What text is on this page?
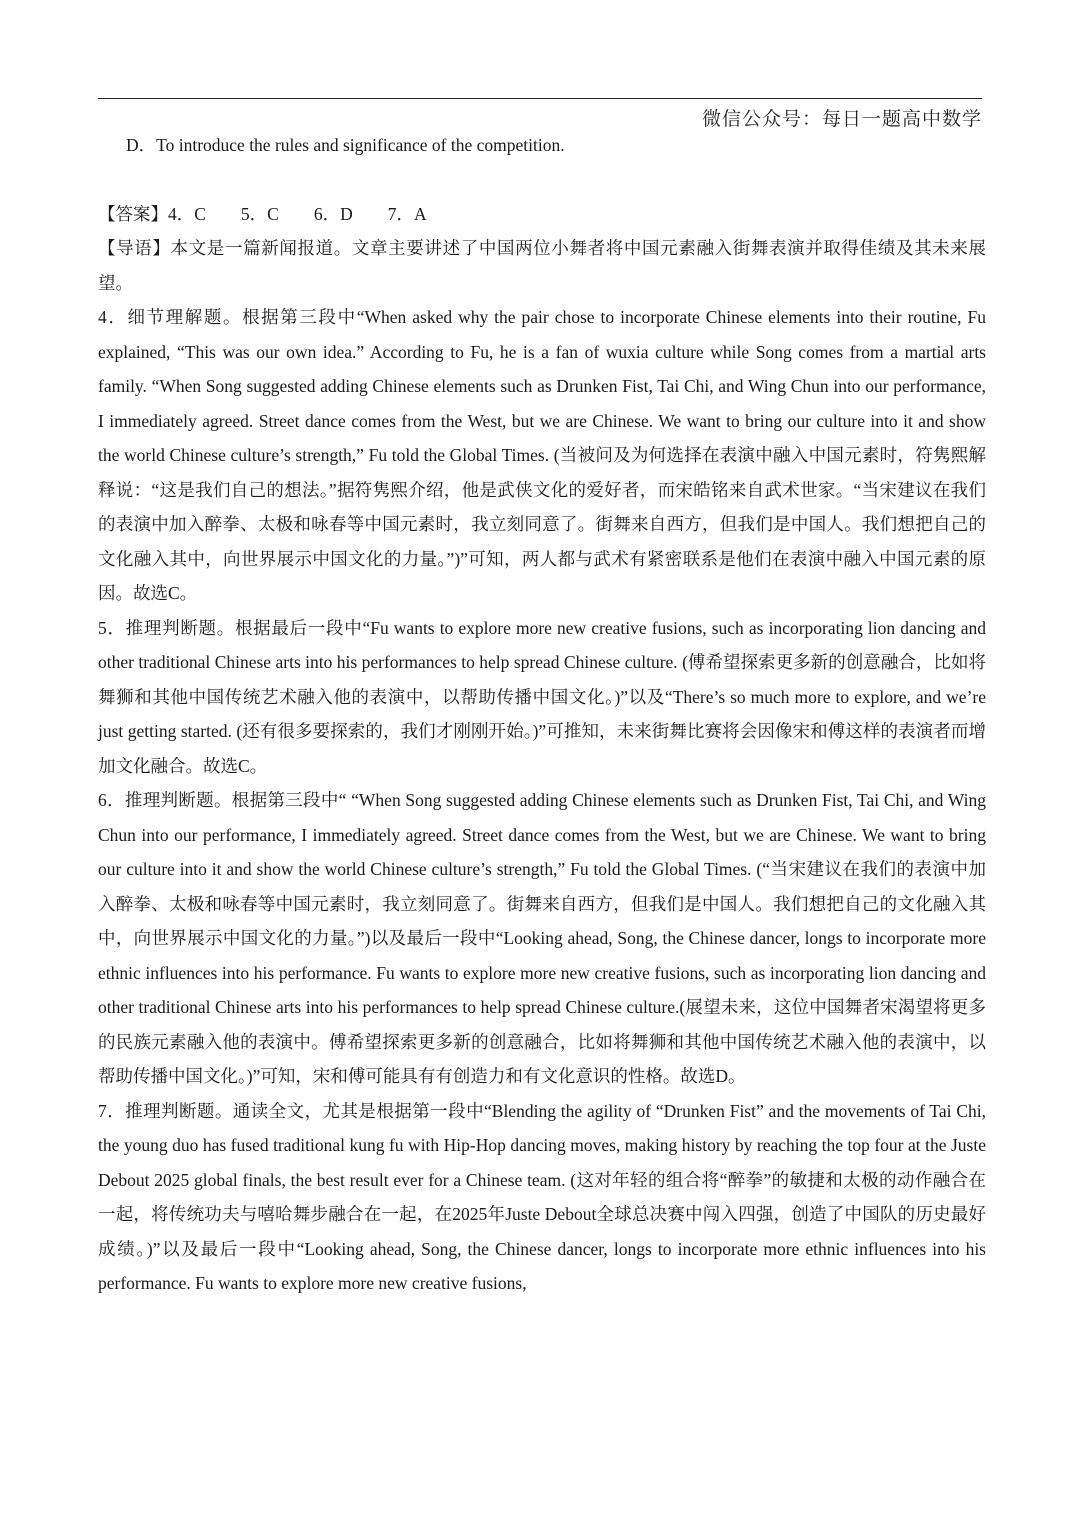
微信公众号：每日一题高中数学
D．To introduce the rules and significance of the competition.

【答案】4．C　　5．C　　6．D　　7．A

【导语】本文是一篇新闻报道。文章主要讲述了中国两位小舞者将中国元素融入街舞表演并取得佳绩及其未来展望。

4．细节理解题。根据第三段中“When asked why the pair chose to incorporate Chinese elements into their routine, Fu explained, “This was our own idea.” According to Fu, he is a fan of wuxia culture while Song comes from a martial arts family. “When Song suggested adding Chinese elements such as Drunken Fist, Tai Chi, and Wing Chun into our performance, I immediately agreed. Street dance comes from the West, but we are Chinese. We want to bring our culture into it and show the world Chinese culture’s strength,” Fu told the Global Times. (当被问及为何选择在表演中融入中国元素时，符隽熙解释说：“这是我们自己的想法。”据符隽熙介绍，他是武侠文化的爱好者，而宋皓铭来自武术世家。“当宋建议在我们的表演中加入醉拳、太极和咏春等中国元素时，我立刻同意了。街舞来自西方，但我们是中国人。我们想把自己的文化融入其中，向世界展示中国文化的力量。”)”可知，两人都与武术有紧密联系是他们在表演中融入中国元素的原因。故选C。

5．推理判断题。根据最后一段中“Fu wants to explore more new creative fusions, such as incorporating lion dancing and other traditional Chinese arts into his performances to help spread Chinese culture. (傅希望探索更多新的创意融合，比如将舞狮和其他中国传统艺术融入他的表演中，以帮助传播中国文化。)”以及“There’s so much more to explore, and we’re just getting started. (还有很多要探索的，我们才刚刚开始。)”可推知，未来街舞比赛将会因像宋和傅这样的表演者而增加文化融合。故选C。

6．推理判断题。根据第三段中“ “When Song suggested adding Chinese elements such as Drunken Fist, Tai Chi, and Wing Chun into our performance, I immediately agreed. Street dance comes from the West, but we are Chinese. We want to bring our culture into it and show the world Chinese culture’s strength,” Fu told the Global Times. (“当宋建议在我们的表演中加入醉拳、太极和咏春等中国元素时，我立刻同意了。街舞来自西方，但我们是中国人。我们想把自己的文化融入其中，向世界展示中国文化的力量。”)以及最后一段中“Looking ahead, Song, the Chinese dancer, longs to incorporate more ethnic influences into his performance. Fu wants to explore more new creative fusions, such as incorporating lion dancing and other traditional Chinese arts into his performances to help spread Chinese culture.(展望未来，这位中国舞者宋渴望将更多的民族元素融入他的表演中。傅希望探索更多新的创意融合，比如将舞狮和其他中国传统艺术融入他的表演中，以帮助传播中国文化。)”可知，宋和傅可能具有有创造力和有文化意识的性格。故选D。

7．推理判断题。通读全文，尤其是根据第一段中“Blending the agility of “Drunken Fist” and the movements of Tai Chi, the young duo has fused traditional kung fu with Hip-Hop dancing moves, making history by reaching the top four at the Juste Debout 2025 global finals, the best result ever for a Chinese team. (这对年轻的组合将“醉拳”的敏捷和太极的动作融合在一起，将传统功夫与嘻哈舞步融合在一起，在2025年Juste Debout全球总决赛中闯入四强，创造了中国队的历史最好成绩。)”以及最后一段中“Looking ahead, Song, the Chinese dancer, longs to incorporate more ethnic influences into his performance. Fu wants to explore more new creative fusions,
